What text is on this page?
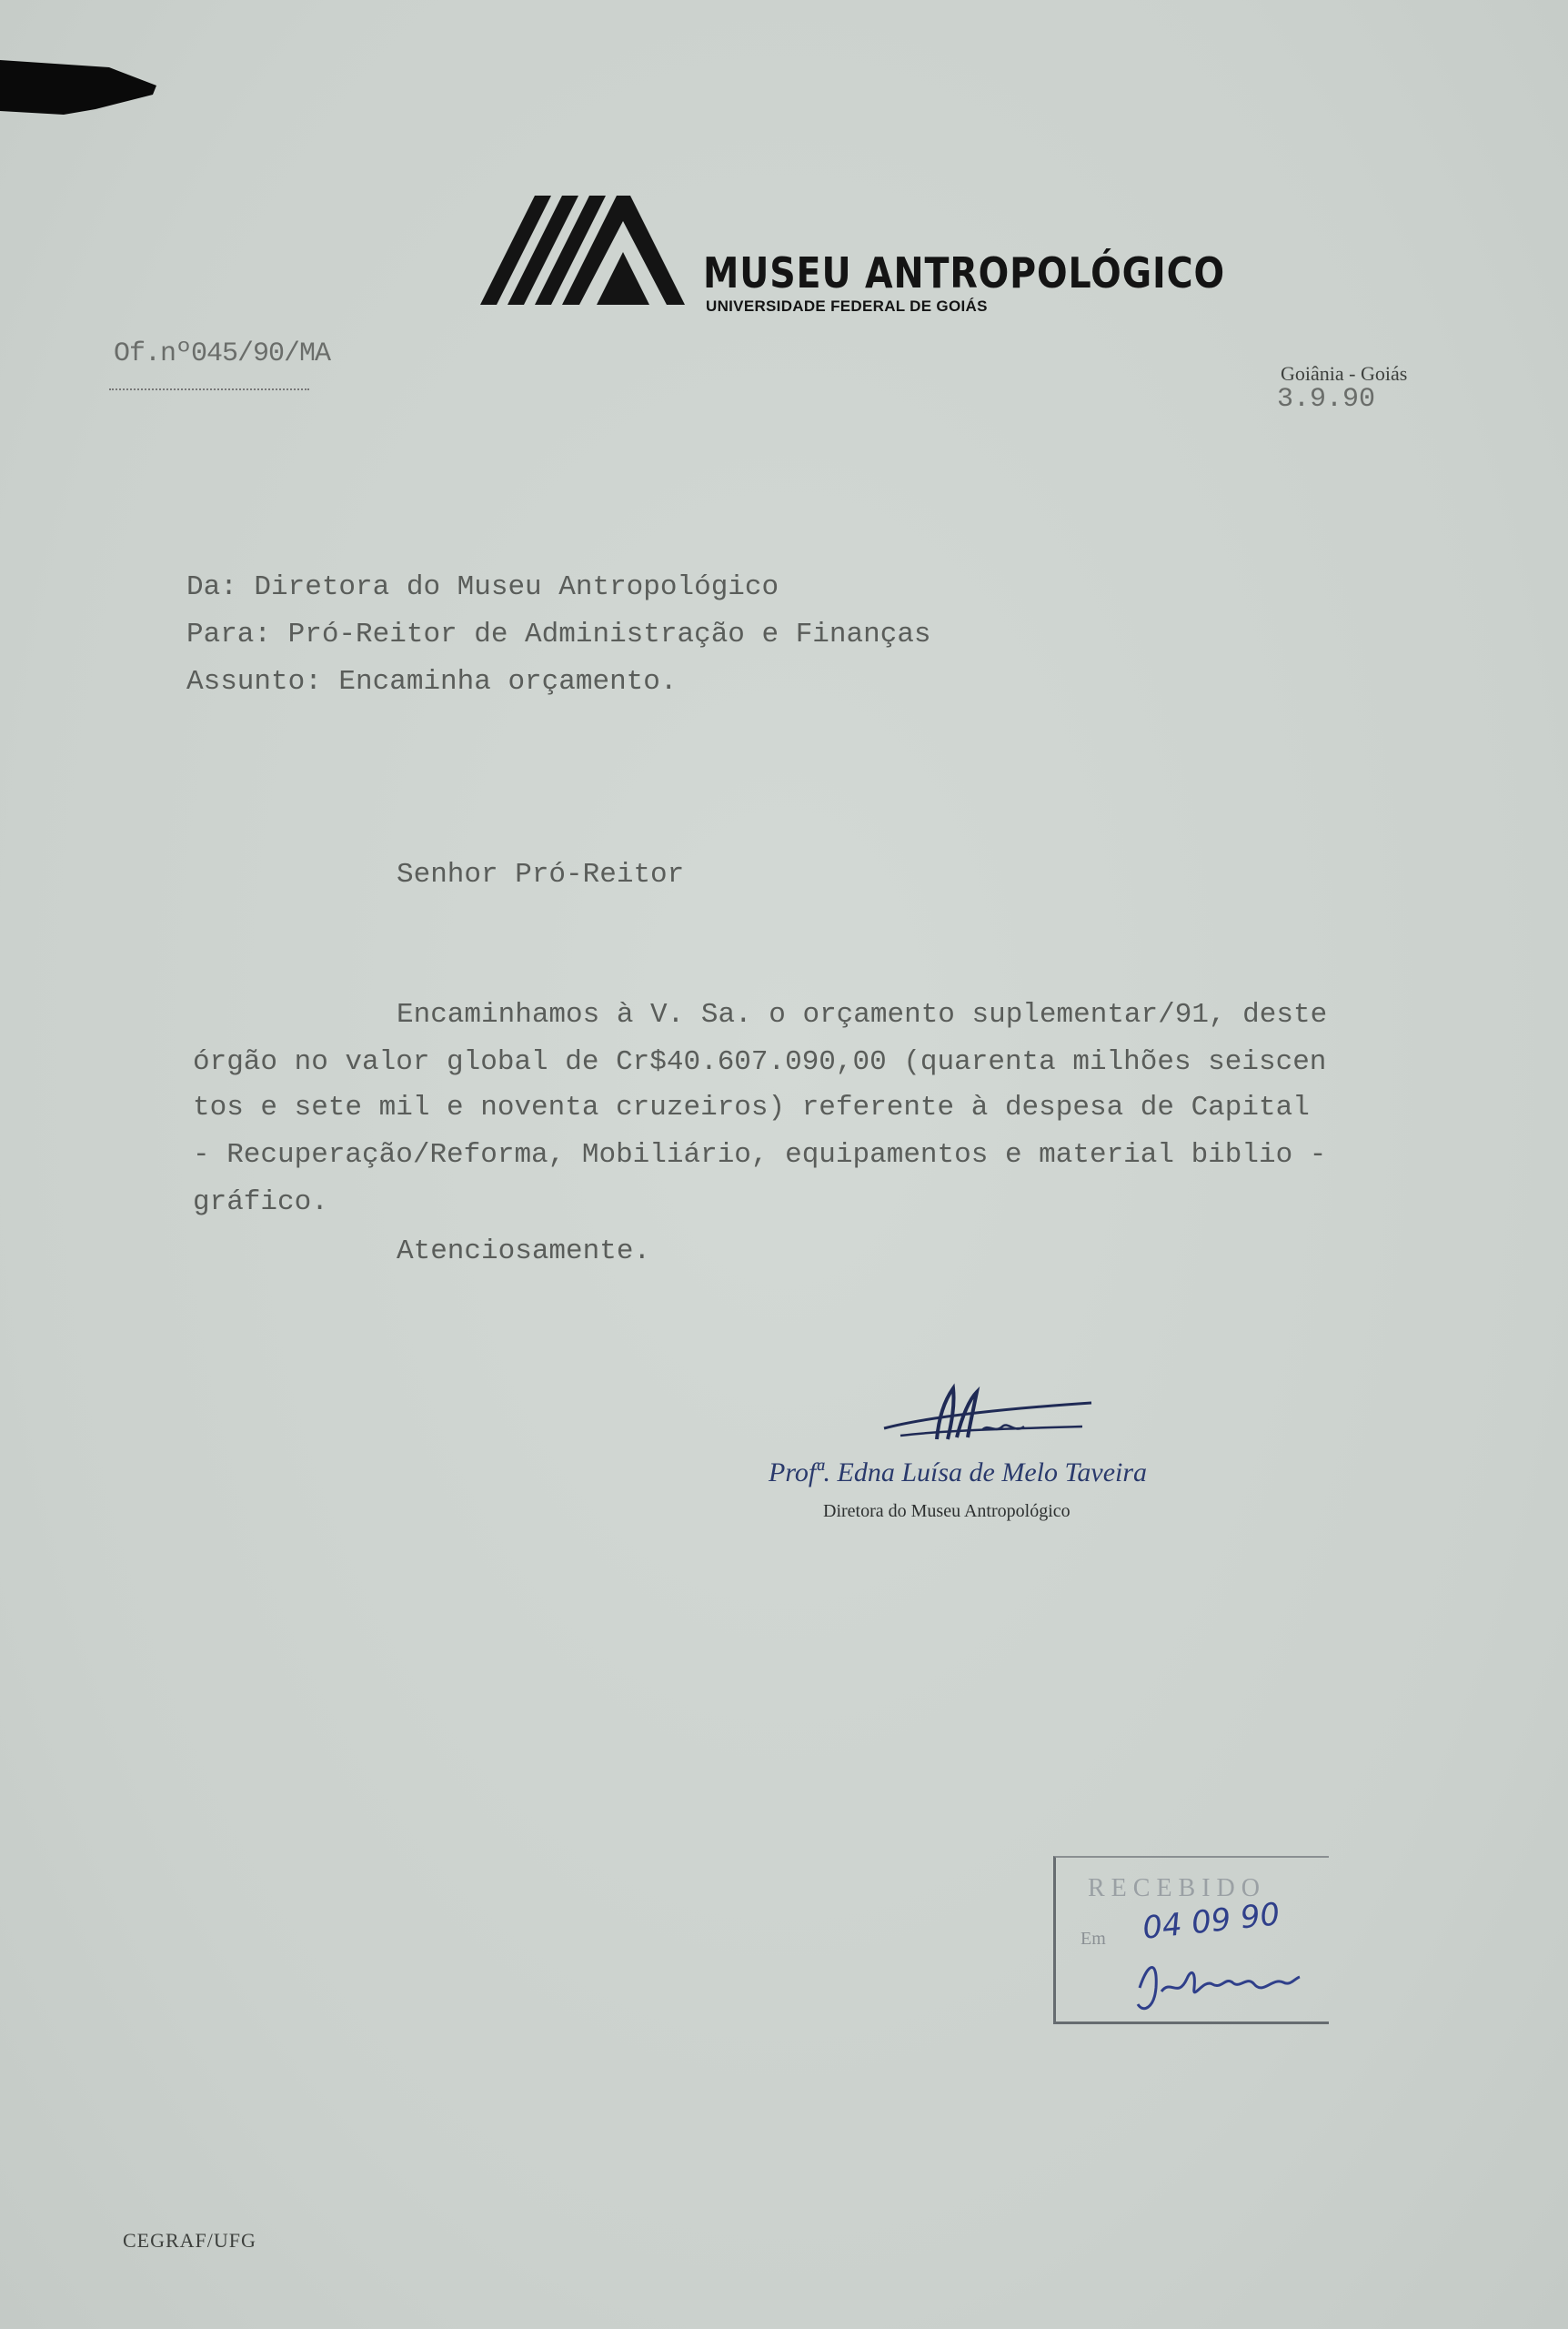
MUSEU ANTROPOLÓGICO
UNIVERSIDADE FEDERAL DE GOIÁS
Of.nº045/90/MA
Goiânia - Goiás
3.9.90
Da: Diretora do Museu Antropológico
Para: Pró-Reitor de Administração e Finanças
Assunto: Encaminha orçamento.
Senhor Pró-Reitor
Encaminhamos à V. Sa. o orçamento suplementar/91, deste
órgão no valor global de Cr$40.607.090,00 (quarenta milhões seiscen
tos e sete mil e noventa cruzeiros) referente à despesa de Capital
- Recuperação/Reforma, Mobiliário, equipamentos e material biblio -
gráfico.
Atenciosamente.
Profª. Edna Luísa de Melo Taveira
Diretora do Museu Antropológico
RECEBIDO
Em 04 09 90
CEGRAF/UFG
